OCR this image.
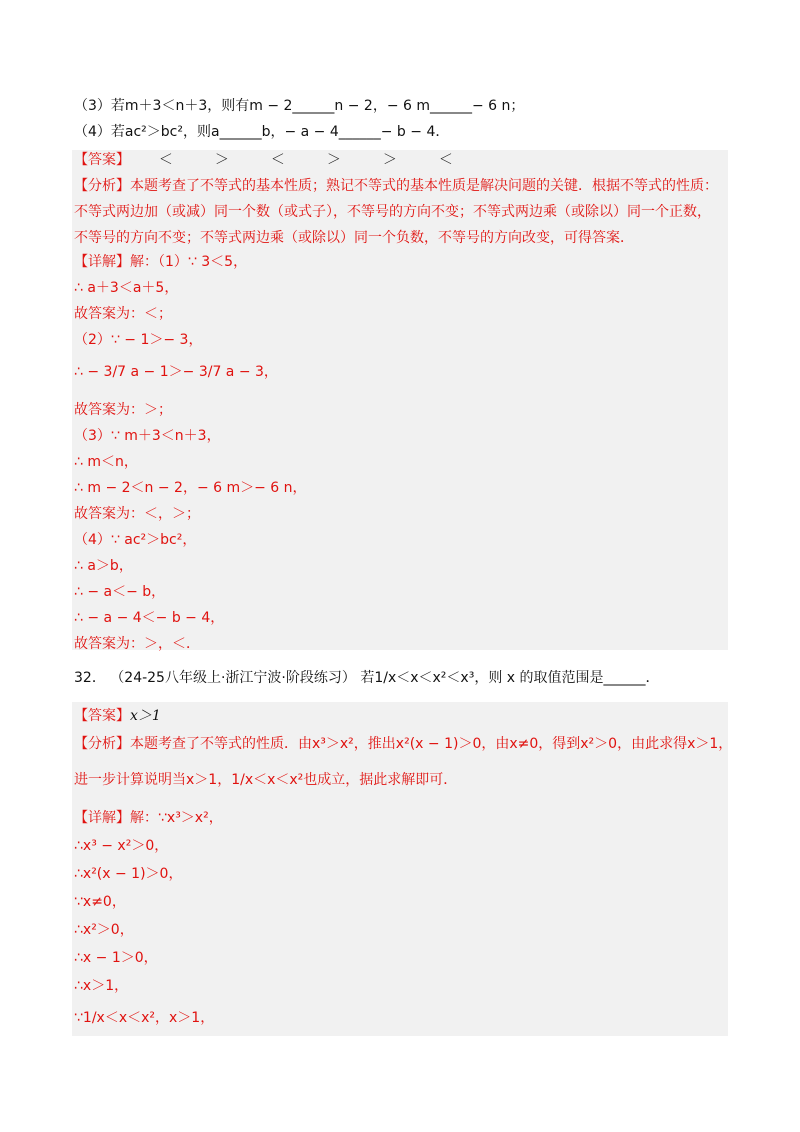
（3）若m＋3＜n＋3，则有m − 2______n − 2，− 6 m______− 6 n；
（4）若ac²＞bc²，则a______b，− a − 4______− b − 4．
【答案】 ＜　　　＞　　　＜　　　＞　　　＞　　　＜
【分析】本题考查了不等式的基本性质；熟记不等式的基本性质是解决问题的关键．根据不等式的性质：
不等式两边加（或减）同一个数（或式子），不等号的方向不变；不等式两边乘（或除以）同一个正数，
不等号的方向不变；不等式两边乘（或除以）同一个负数，不等号的方向改变，可得答案．
【详解】解：（1）∵ 3＜5，
∴ a＋3＜a＋5，
故答案为：＜；
（2）∵ − 1＞− 3，
∴ − 3/7 a − 1＞− 3/7 a − 3，
故答案为：＞；
（3）∵ m＋3＜n＋3，
∴ m＜n，
∴ m − 2＜n − 2，− 6 m＞− 6 n，
故答案为：＜，＞；
（4）∵ ac²＞bc²，
∴ a＞b，
∴ − a＜− b，
∴ − a − 4＜− b − 4，
故答案为：＞，＜．
32． （24-25八年级上·浙江宁波·阶段练习） 若1/x＜x＜x²＜x³，则 x 的取值范围是______．
【答案】x＞1
【分析】本题考查了不等式的性质．由x³＞x²，推出x²(x − 1)＞0，由x≠0，得到x²＞0，由此求得x＞1，
进一步计算说明当x＞1，1/x＜x＜x²也成立，据此求解即可．
【详解】解：∵x³＞x²，
∴x³ − x²＞0，
∴x²(x − 1)＞0，
∵x≠0，
∴x²＞0，
∴x − 1＞0，
∴x＞1，
∵1/x＜x＜x²，x＞1，
